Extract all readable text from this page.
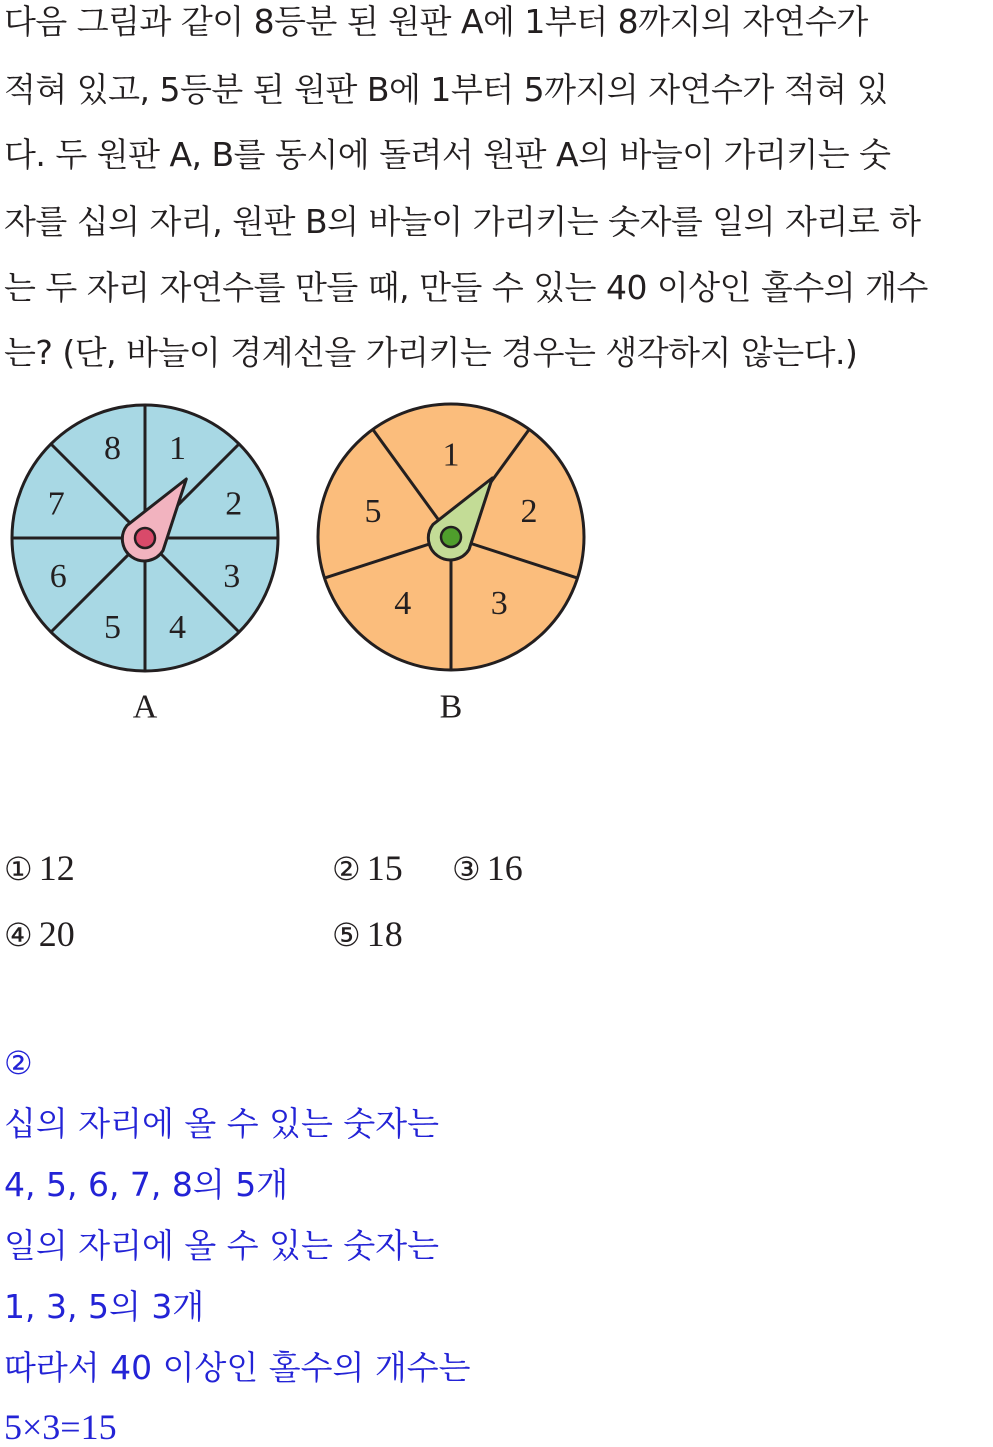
다음 그림과 같이 8등분 된 원판 A에 1부터 8까지의 자연수가
적혀 있고, 5등분 된 원판 B에 1부터 5까지의 자연수가 적혀 있
다. 두 원판 A, B를 동시에 돌려서 원판 A의 바늘이 가리키는 숫
자를 십의 자리, 원판 B의 바늘이 가리키는 숫자를 일의 자리로 하
는 두 자리 자연수를 만들 때, 만들 수 있는 40 이상인 홀수의 개수
는? (단, 바늘이 경계선을 가리키는 경우는 생각하지 않는다.)
1
2
3
4
5
6
7
8
A
1
2
3
4
5
B
① 12	② 15 ③ 16
④ 20	⑤ 18
②
십의 자리에 올 수 있는 숫자는
4, 5, 6, 7, 8의 5개
일의 자리에 올 수 있는 숫자는
1, 3, 5의 3개
따라서 40 이상인 홀수의 개수는
5×3=15
